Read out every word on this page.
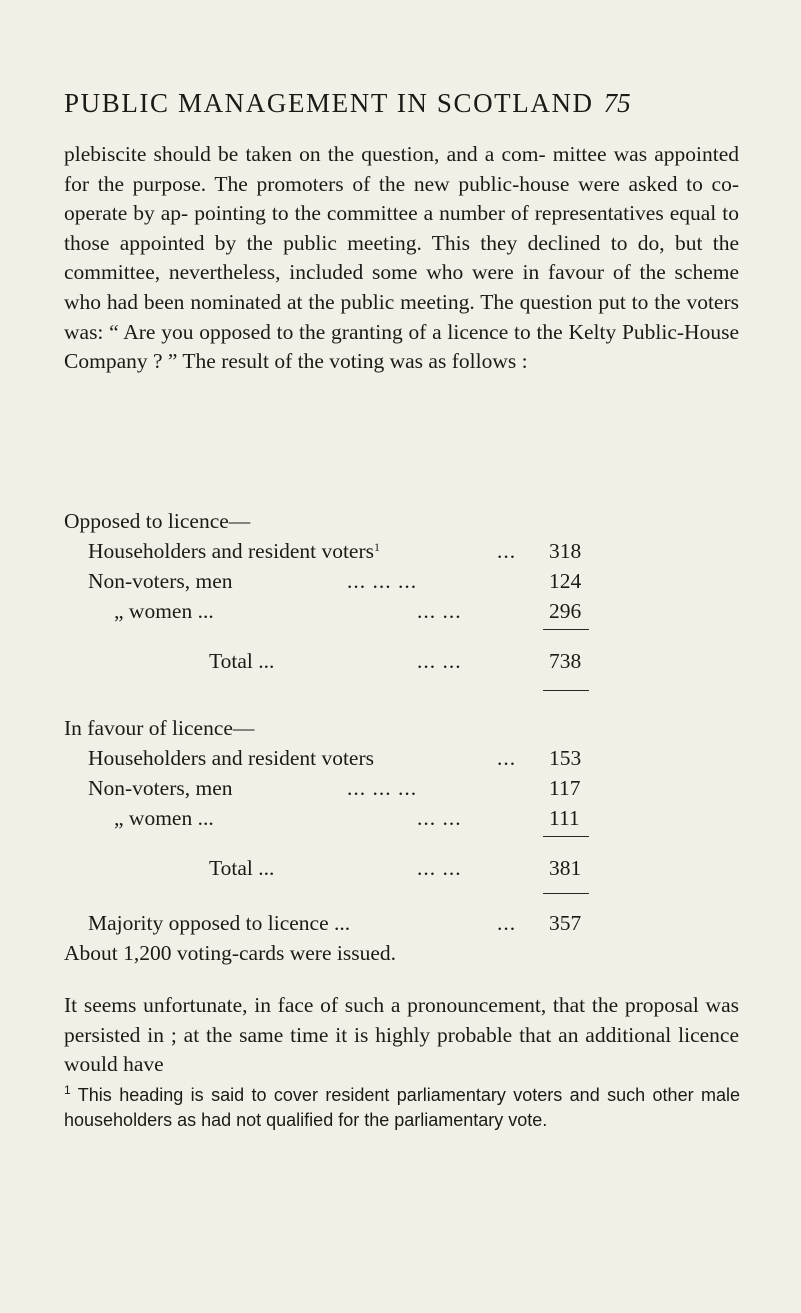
PUBLIC MANAGEMENT IN SCOTLAND 75

plebiscite should be taken on the question, and a com- mittee was appointed for the purpose. The promoters of the new public-house were asked to co-operate by ap- pointing to the committee a number of representatives equal to those appointed by the public meeting. This they declined to do, but the committee, nevertheless, included some who were in favour of the scheme who had been nominated at the public meeting. The question put to the voters was: “ Are you opposed to the granting of a licence to the Kelty Public-House Company ? ” The result of the voting was as follows :

Opposed to licence—
Householders and resident voters$^1$	... 318
Non-voters, men	... ... ...	124
„ women ...	... ...	296
Total ...	... ...	738
In favour of licence—
Householders and resident voters	... 153
Non-voters, men	... ... ...	117
„ women ...	... ...	111
Total ...	... ...	381
Majority opposed to licence ...	... 357
About 1,200 voting-cards were issued.

It seems unfortunate, in face of such a pronouncement, that the proposal was persisted in ; at the same time it is highly probable that an additional licence would have

$^1$ This heading is said to cover resident parliamentary voters and such other male householders as had not qualified for the parliamentary vote.
